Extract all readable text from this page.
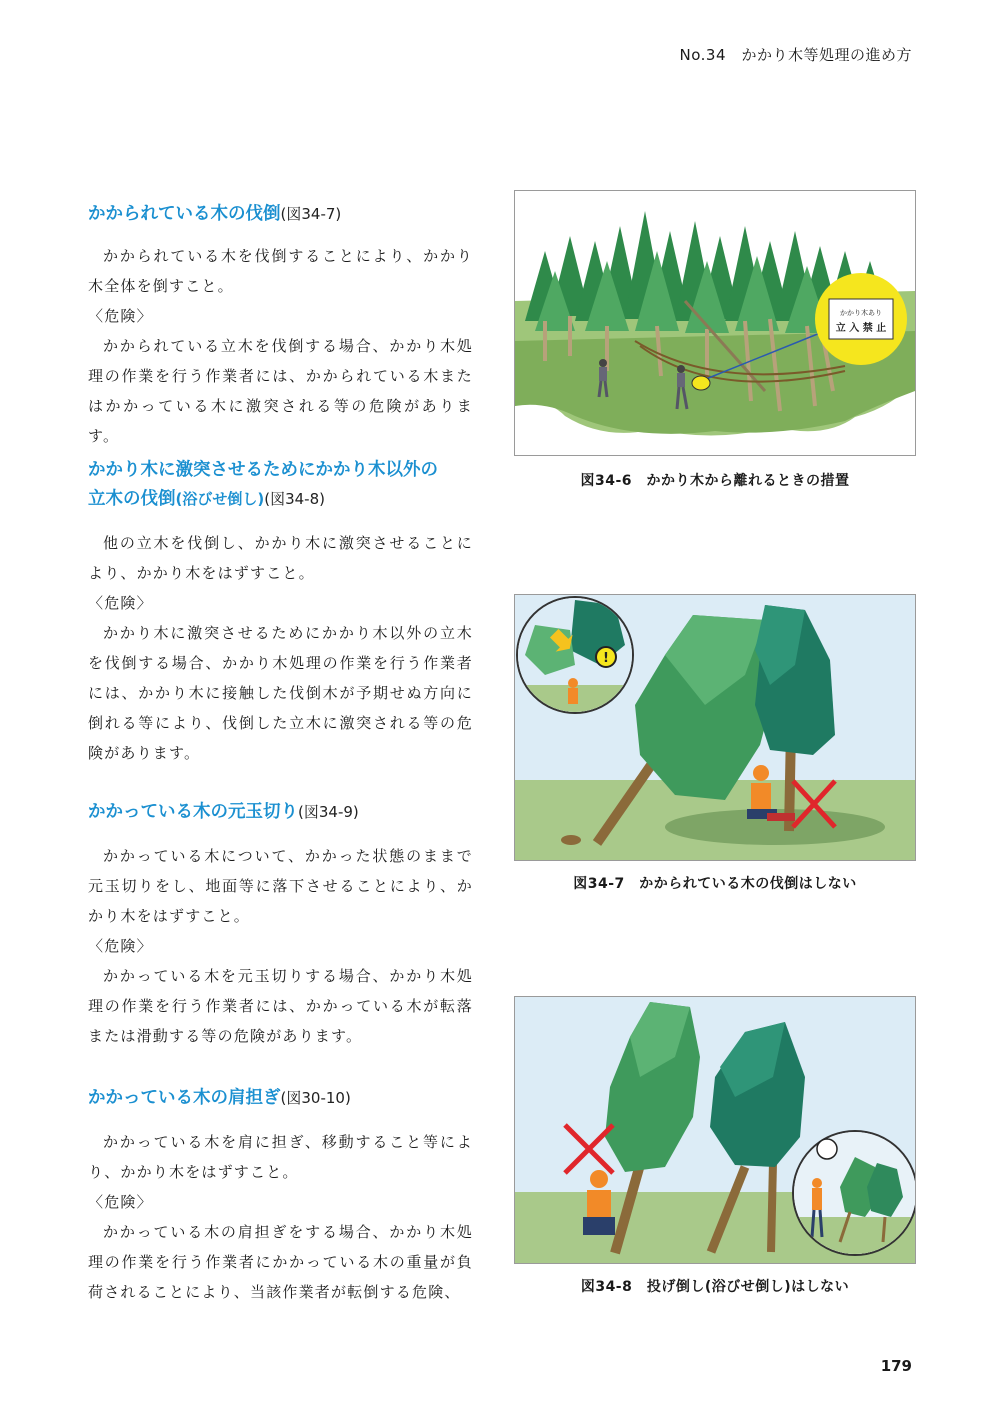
No.34　かかり木等処理の進め方
かかられている木の伐倒(図34-7)

かかられている木を伐倒することにより、かかり木全体を倒すこと。

〈危険〉

かかられている立木を伐倒する場合、かかり木処理の作業を行う作業者には、かかられている木またはかかっている木に激突される等の危険があります。

かかり木に激突させるためにかかり木以外の
立木の伐倒(浴びせ倒し)(図34-8)

他の立木を伐倒し、かかり木に激突させることにより、かかり木をはずすこと。

〈危険〉

かかり木に激突させるためにかかり木以外の立木を伐倒する場合、かかり木処理の作業を行う作業者には、かかり木に接触した伐倒木が予期せぬ方向に倒れる等により、伐倒した立木に激突される等の危険があります。

かかっている木の元玉切り(図34-9)

かかっている木について、かかった状態のままで元玉切りをし、地面等に落下させることにより、かかり木をはずすこと。

〈危険〉

かかっている木を元玉切りする場合、かかり木処理の作業を行う作業者には、かかっている木が転落または滑動する等の危険があります。

かかっている木の肩担ぎ(図30-10)

かかっている木を肩に担ぎ、移動すること等により、かかり木をはずすこと。

〈危険〉

かかっている木の肩担ぎをする場合、かかり木処理の作業を行う作業者にかかっている木の重量が負荷されることにより、当該作業者が転倒する危険、

かかり木あり
立 入 禁 止
図34-6　かかり木から離れるときの措置
!
図34-7　かかられている木の伐倒はしない
図34-8　投げ倒し(浴びせ倒し)はしない
179
